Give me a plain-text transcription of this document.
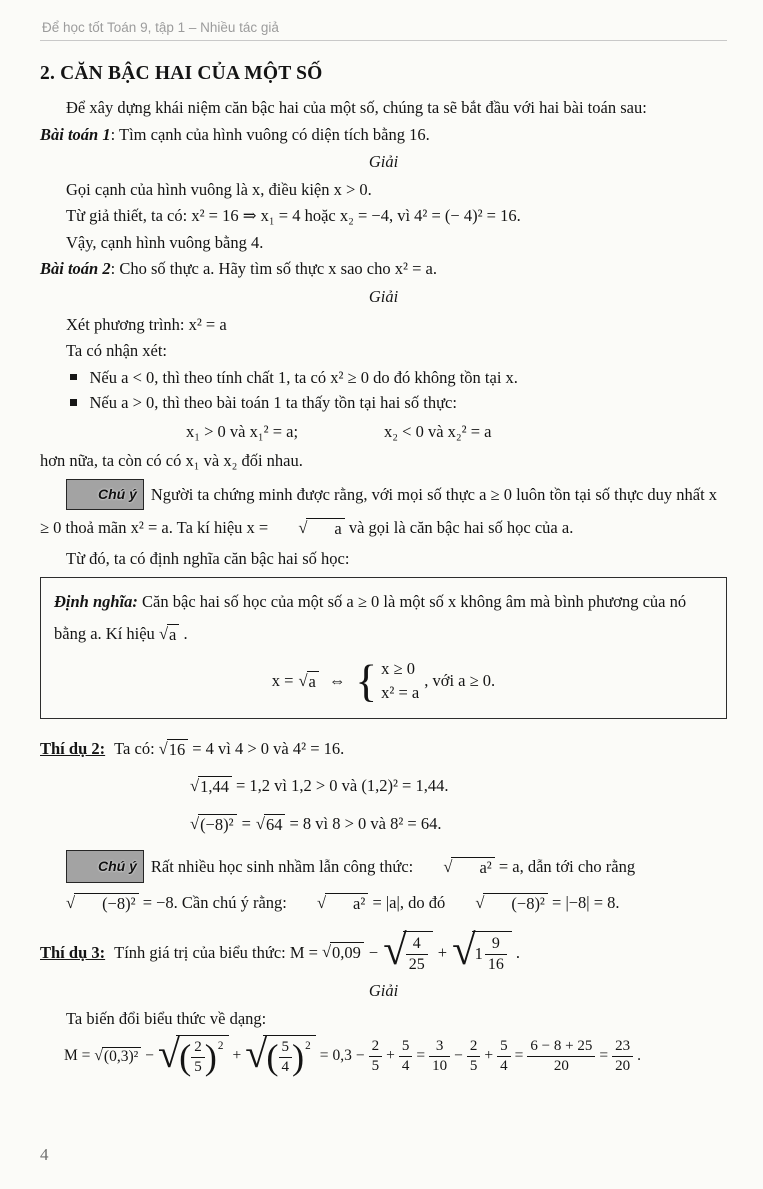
Để học tốt Toán 9, tập 1 – Nhiều tác giả
2. CĂN BẬC HAI CỦA MỘT SỐ

Để xây dựng khái niệm căn bậc hai của một số, chúng ta sẽ bắt đầu với hai bài toán sau:

Bài toán 1: Tìm cạnh của hình vuông có diện tích bằng 16.

Giải

Gọi cạnh của hình vuông là x, điều kiện x > 0.

Từ giả thiết, ta có: x² = 16 ⇒ x₁ = 4 hoặc x₂ = −4, vì 4² = (− 4)² = 16.

Vậy, cạnh hình vuông bằng 4.

Bài toán 2: Cho số thực a. Hãy tìm số thực x sao cho x² = a.

Giải

Xét phương trình: x² = a

Ta có nhận xét:

Nếu a < 0, thì theo tính chất 1, ta có x² ≥ 0 do đó không tồn tại x.
Nếu a > 0, thì theo bài toán 1 ta thấy tồn tại hai số thực:
x₁ > 0 và x₁² = a;	x₂ < 0 và x₂² = a

hơn nữa, ta còn có có x₁ và x₂ đối nhau.

Chú ý Người ta chứng minh được rằng, với mọi số thực a ≥ 0 luôn tồn tại số thực duy nhất x ≥ 0 thoả mãn x² = a. Ta kí hiệu x =	√	a và gọi là căn bậc hai số học của a.

Từ đó, ta có định nghĩa căn bậc hai số học:

Định nghĩa: Căn bậc hai số học của một số a ≥ 0 là một số x không âm mà bình phương của nó bằng a. Kí hiệu √ a .

x = √ a ⇔ { x ≥ 0
x² = a
, với a ≥ 0.
Thí dụ 2: Ta có: √ 16 = 4 vì 4 > 0 và 4² = 16.
√ 1,44 = 1,2 vì 1,2 > 0 và (1,2)² = 1,44.
√ (−8)² = √ 64 = 8 vì 8 > 0 và 8² = 64.

Chú ý Rất nhiều học sinh nhầm lẫn công thức:	√	a² = a, dẫn tới cho rằng
√	(−8)² = −8. Cần chú ý rằng:	√	a² = |a|, do đó	√	(−8)² = |−8| = 8.

Thí dụ 3: Tính giá trị của biểu thức: M = √ 0,09 − √ $\frac{4}{25}$ + √ $1 \frac{9}{16}$ .

Giải

Ta biến đổi biểu thức về dạng:

M = √ (0,3)² − √ ( $\frac{2}{5}$ ) 2
+ √ ( $\frac{5}{4}$ ) 2
= $0,3 - \frac{2}{5} + \frac{5}{4} = \frac{3}{10} - \frac{2}{5} + \frac{5}{4} = \frac{6 - 8 + 25}{20} = \frac{23}{20}$ .
4
